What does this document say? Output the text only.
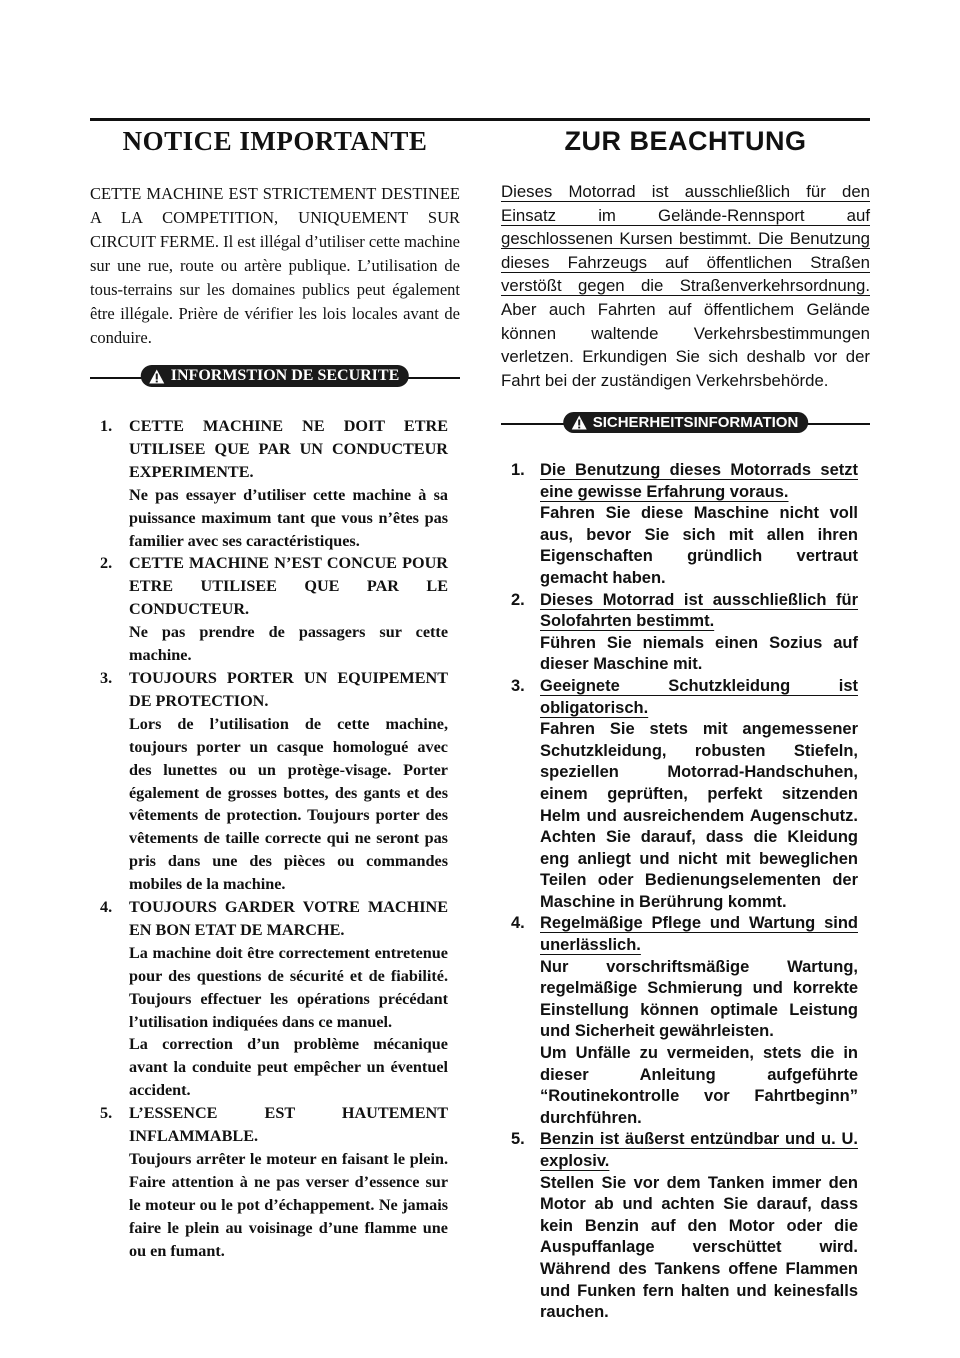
NOTICE IMPORTANTE

CETTE MACHINE EST STRICTEMENT DESTINEE A LA COMPETITION, UNIQUEMENT SUR CIRCUIT FERME. Il est illégal d’utiliser cette machine sur une rue, route ou artère publique. L’utilisation de tous-terrains sur les domaines publics peut également être illégale. Prière de vérifier les lois locales avant de conduire.

INFORMSTION DE SECURITE
1.	CETTE MACHINE NE DOIT ETRE UTILISEE QUE PAR UN CONDUCTEUR EXPERIMENTE.

Ne pas essayer d’utiliser cette machine à sa puissance maximum tant que vous n’êtes pas familier avec ses caractéristiques.

2.	CETTE MACHINE N’EST CONCUE POUR ETRE UTILISEE QUE PAR LE CONDUCTEUR.

Ne pas prendre de passagers sur cette machine.

3.	TOUJOURS PORTER UN EQUIPEMENT DE PROTECTION.

Lors de l’utilisation de cette machine, toujours porter un casque homologué avec des lunettes ou un protège-visage. Porter également de grosses bottes, des gants et des vêtements de protection. Toujours porter des vêtements de taille correcte qui ne seront pas pris dans une des pièces ou commandes mobiles de la machine.

4.	TOUJOURS GARDER VOTRE MACHINE EN BON ETAT DE MARCHE.

La machine doit être correctement entretenue pour des questions de sécurité et de fiabilité. Toujours effectuer les opérations précédant l’utilisation indiquées dans ce manuel.

La correction d’un problème mécanique avant la conduite peut empêcher un éventuel accident.

5.	L’ESSENCE EST HAUTEMENT INFLAMMABLE.

Toujours arrêter le moteur en faisant le plein. Faire attention à ne pas verser d’essence sur le moteur ou le pot d’échappement. Ne jamais faire le plein au voisinage d’une flamme une ou en fumant.

ZUR BEACHTUNG

Dieses Motorrad ist ausschließlich für den Einsatz im Gelände-Rennsport auf geschlossenen Kursen bestimmt. Die Benutzung dieses Fahrzeugs auf öffentlichen Straßen verstößt gegen die Straßenverkehrsordnung. Aber auch Fahrten auf öffentlichem Gelände können waltende Verkehrsbestimmungen verletzen. Erkundigen Sie sich deshalb vor der Fahrt bei der zuständigen Verkehrsbehörde.

SICHERHEITSINFORMATION
1. Die Benutzung dieses Motorrads setzt eine gewisse Erfahrung voraus.

Fahren Sie diese Maschine nicht voll aus, bevor Sie sich mit allen ihren Eigenschaften gründlich vertraut gemacht haben.

2. Dieses Motorrad ist ausschließlich für Solofahrten bestimmt.

Führen Sie niemals einen Sozius auf dieser Maschine mit.

3. Geeignete Schutzkleidung ist obligatorisch.

Fahren Sie stets mit angemessener Schutzkleidung, robusten Stiefeln, speziellen Motorrad-Handschuhen, einem geprüften, perfekt sitzenden Helm und ausreichendem Augenschutz. Achten Sie darauf, dass die Kleidung eng anliegt und nicht mit beweglichen Teilen oder Bedienungselementen der Maschine in Berührung kommt.

4. Regelmäßige Pflege und Wartung sind unerlässlich.

Nur vorschriftsmäßige Wartung, regelmäßige Schmierung und korrekte Einstellung können optimale Leistung und Sicherheit gewährleisten.

Um Unfälle zu vermeiden, stets die in dieser Anleitung aufgeführte “Routinekontrolle vor Fahrtbeginn” durchführen.

5. Benzin ist äußerst entzündbar und u. U. explosiv.

Stellen Sie vor dem Tanken immer den Motor ab und achten Sie darauf, dass kein Benzin auf den Motor oder die Auspuffanlage verschüttet wird. Während des Tankens offene Flammen und Funken fern halten und keinesfalls rauchen.
